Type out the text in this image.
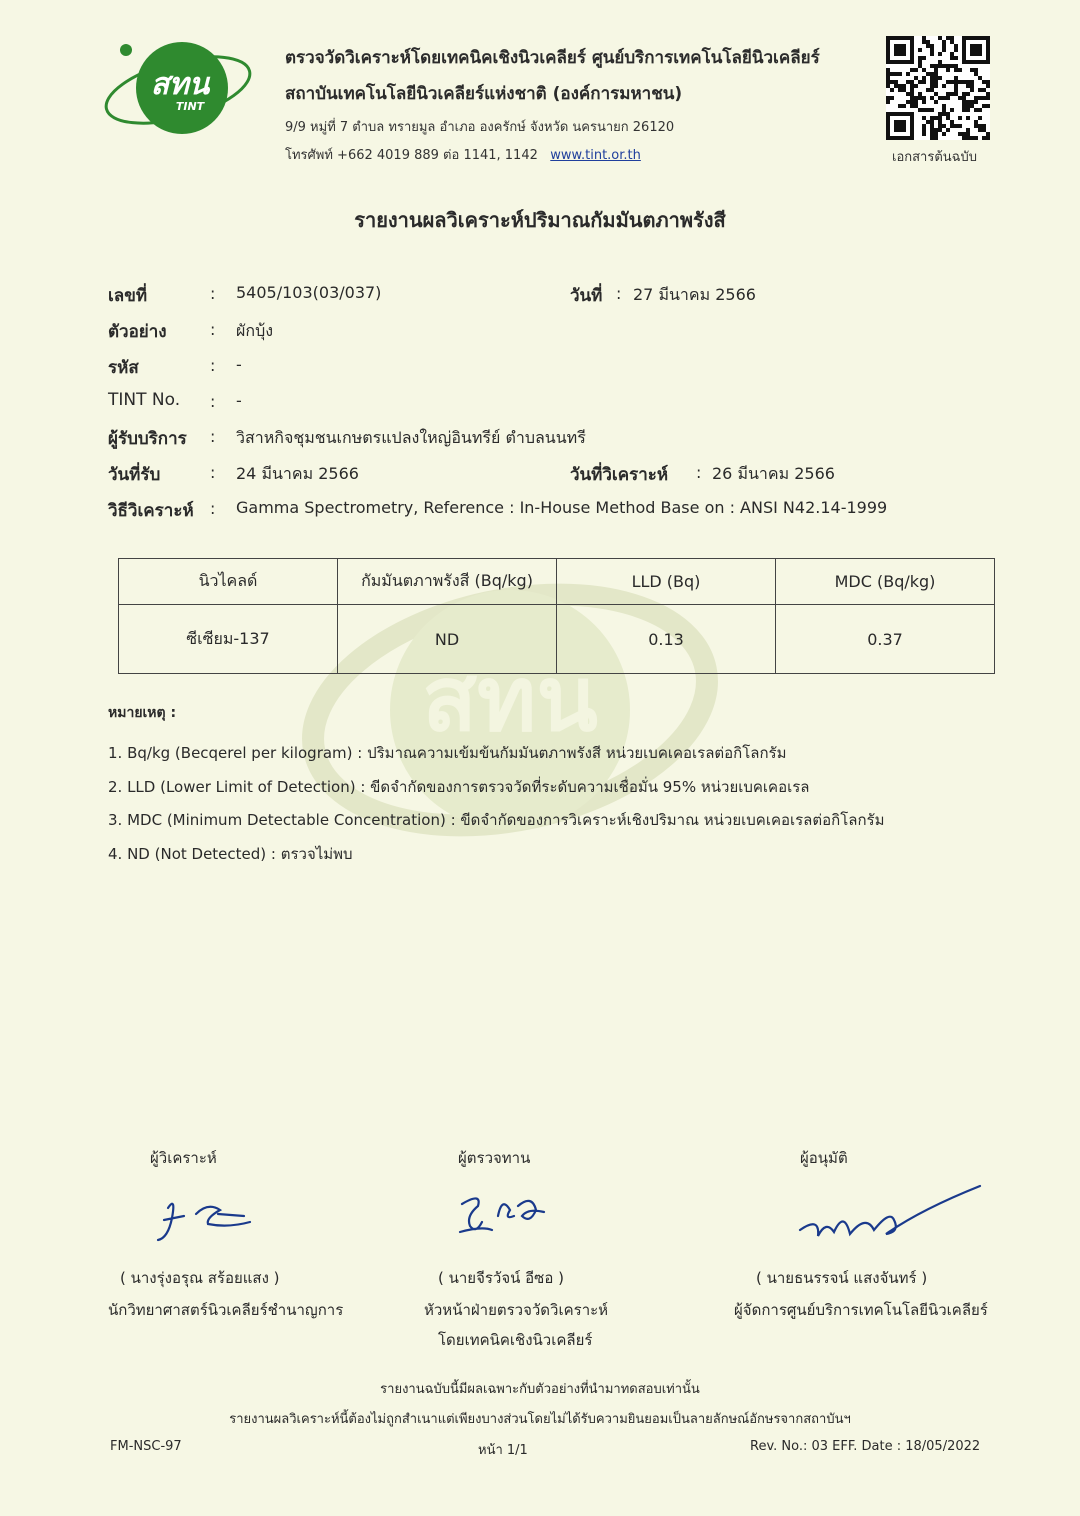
สทน
สทน
TINT
ตรวจวัดวิเคราะห์โดยเทคนิคเชิงนิวเคลียร์ ศูนย์บริการเทคโนโลยีนิวเคลียร์
สถาบันเทคโนโลยีนิวเคลียร์แห่งชาติ (องค์การมหาชน)
9/9 หมู่ที่ 7 ตำบล ทรายมูล อำเภอ องครักษ์ จังหวัด นครนายก 26120
โทรศัพท์ +662 4019 889 ต่อ 1141, 1142 www.tint.or.th	เอกสารต้นฉบับ
รายงานผลวิเคราะห์ปริมาณกัมมันตภาพรังสี
เลขที่	: 5405/103(03/037)	วันที่ : 27 มีนาคม 2566
ตัวอย่าง	: ผักบุ้ง
รหัส	: -
TINT No. : -
ผู้รับบริการ : วิสาหกิจชุมชนเกษตรแปลงใหญ่อินทรีย์ ตำบลนนทรี
วันที่รับ	: 24 มีนาคม 2566	วันที่วิเคราะห์ : 26 มีนาคม 2566
วิธีวิเคราะห์ : Gamma Spectrometry, Reference : In-House Method Base on : ANSI N42.14-1999
นิวไคลด์	กัมมันตภาพรังสี (Bq/kg)	LLD (Bq)	MDC (Bq/kg)
ซีเซียม-137	ND	0.13	0.37
หมายเหตุ :
1. Bq/kg (Becqerel per kilogram) : ปริมาณความเข้มข้นกัมมันตภาพรังสี หน่วยเบคเคอเรลต่อกิโลกรัม
2. LLD (Lower Limit of Detection) : ขีดจำกัดของการตรวจวัดที่ระดับความเชื่อมั่น 95% หน่วยเบคเคอเรล
3. MDC (Minimum Detectable Concentration) : ขีดจำกัดของการวิเคราะห์เชิงปริมาณ หน่วยเบคเคอเรลต่อกิโลกรัม
4. ND (Not Detected) : ตรวจไม่พบ
ผู้วิเคราะห์
( นางรุ่งอรุณ สร้อยแสง )
นักวิทยาศาสตร์นิวเคลียร์ชำนาญการ
ผู้ตรวจทาน
( นายจีรวัจน์ อีซอ )
หัวหน้าฝ่ายตรวจวัดวิเคราะห์
โดยเทคนิคเชิงนิวเคลียร์
ผู้อนุมัติ
( นายธนรรจน์ แสงจันทร์ )
ผู้จัดการศูนย์บริการเทคโนโลยีนิวเคลียร์
รายงานฉบับนี้มีผลเฉพาะกับตัวอย่างที่นำมาทดสอบเท่านั้น
รายงานผลวิเคราะห์นี้ต้องไม่ถูกสำเนาแต่เพียงบางส่วนโดยไม่ได้รับความยินยอมเป็นลายลักษณ์อักษรจากสถาบันฯ
FM-NSC-97	หน้า 1/1	Rev. No.: 03 EFF. Date : 18/05/2022
